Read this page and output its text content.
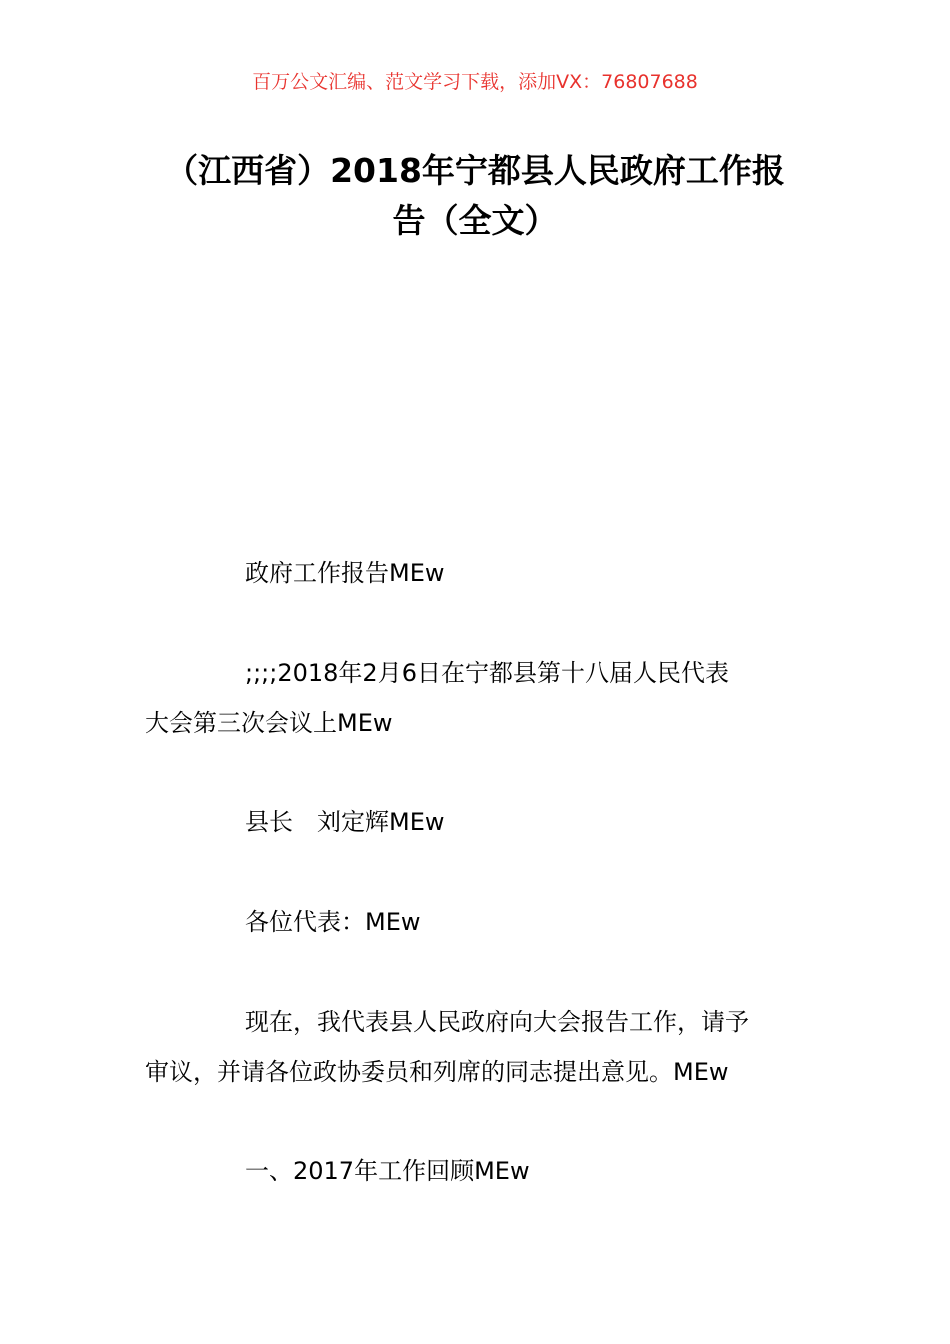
百万公文汇编、范文学习下载，添加VX：76807688
（江西省）2018年宁都县人民政府工作报
告（全文）
政府工作报告MEw
;;;;2018年2月6日在宁都县第十八届人民代表
大会第三次会议上MEw
县长　刘定辉MEw
各位代表：MEw
现在，我代表县人民政府向大会报告工作，请予
审议，并请各位政协委员和列席的同志提出意见。MEw
一、2017年工作回顾MEw
